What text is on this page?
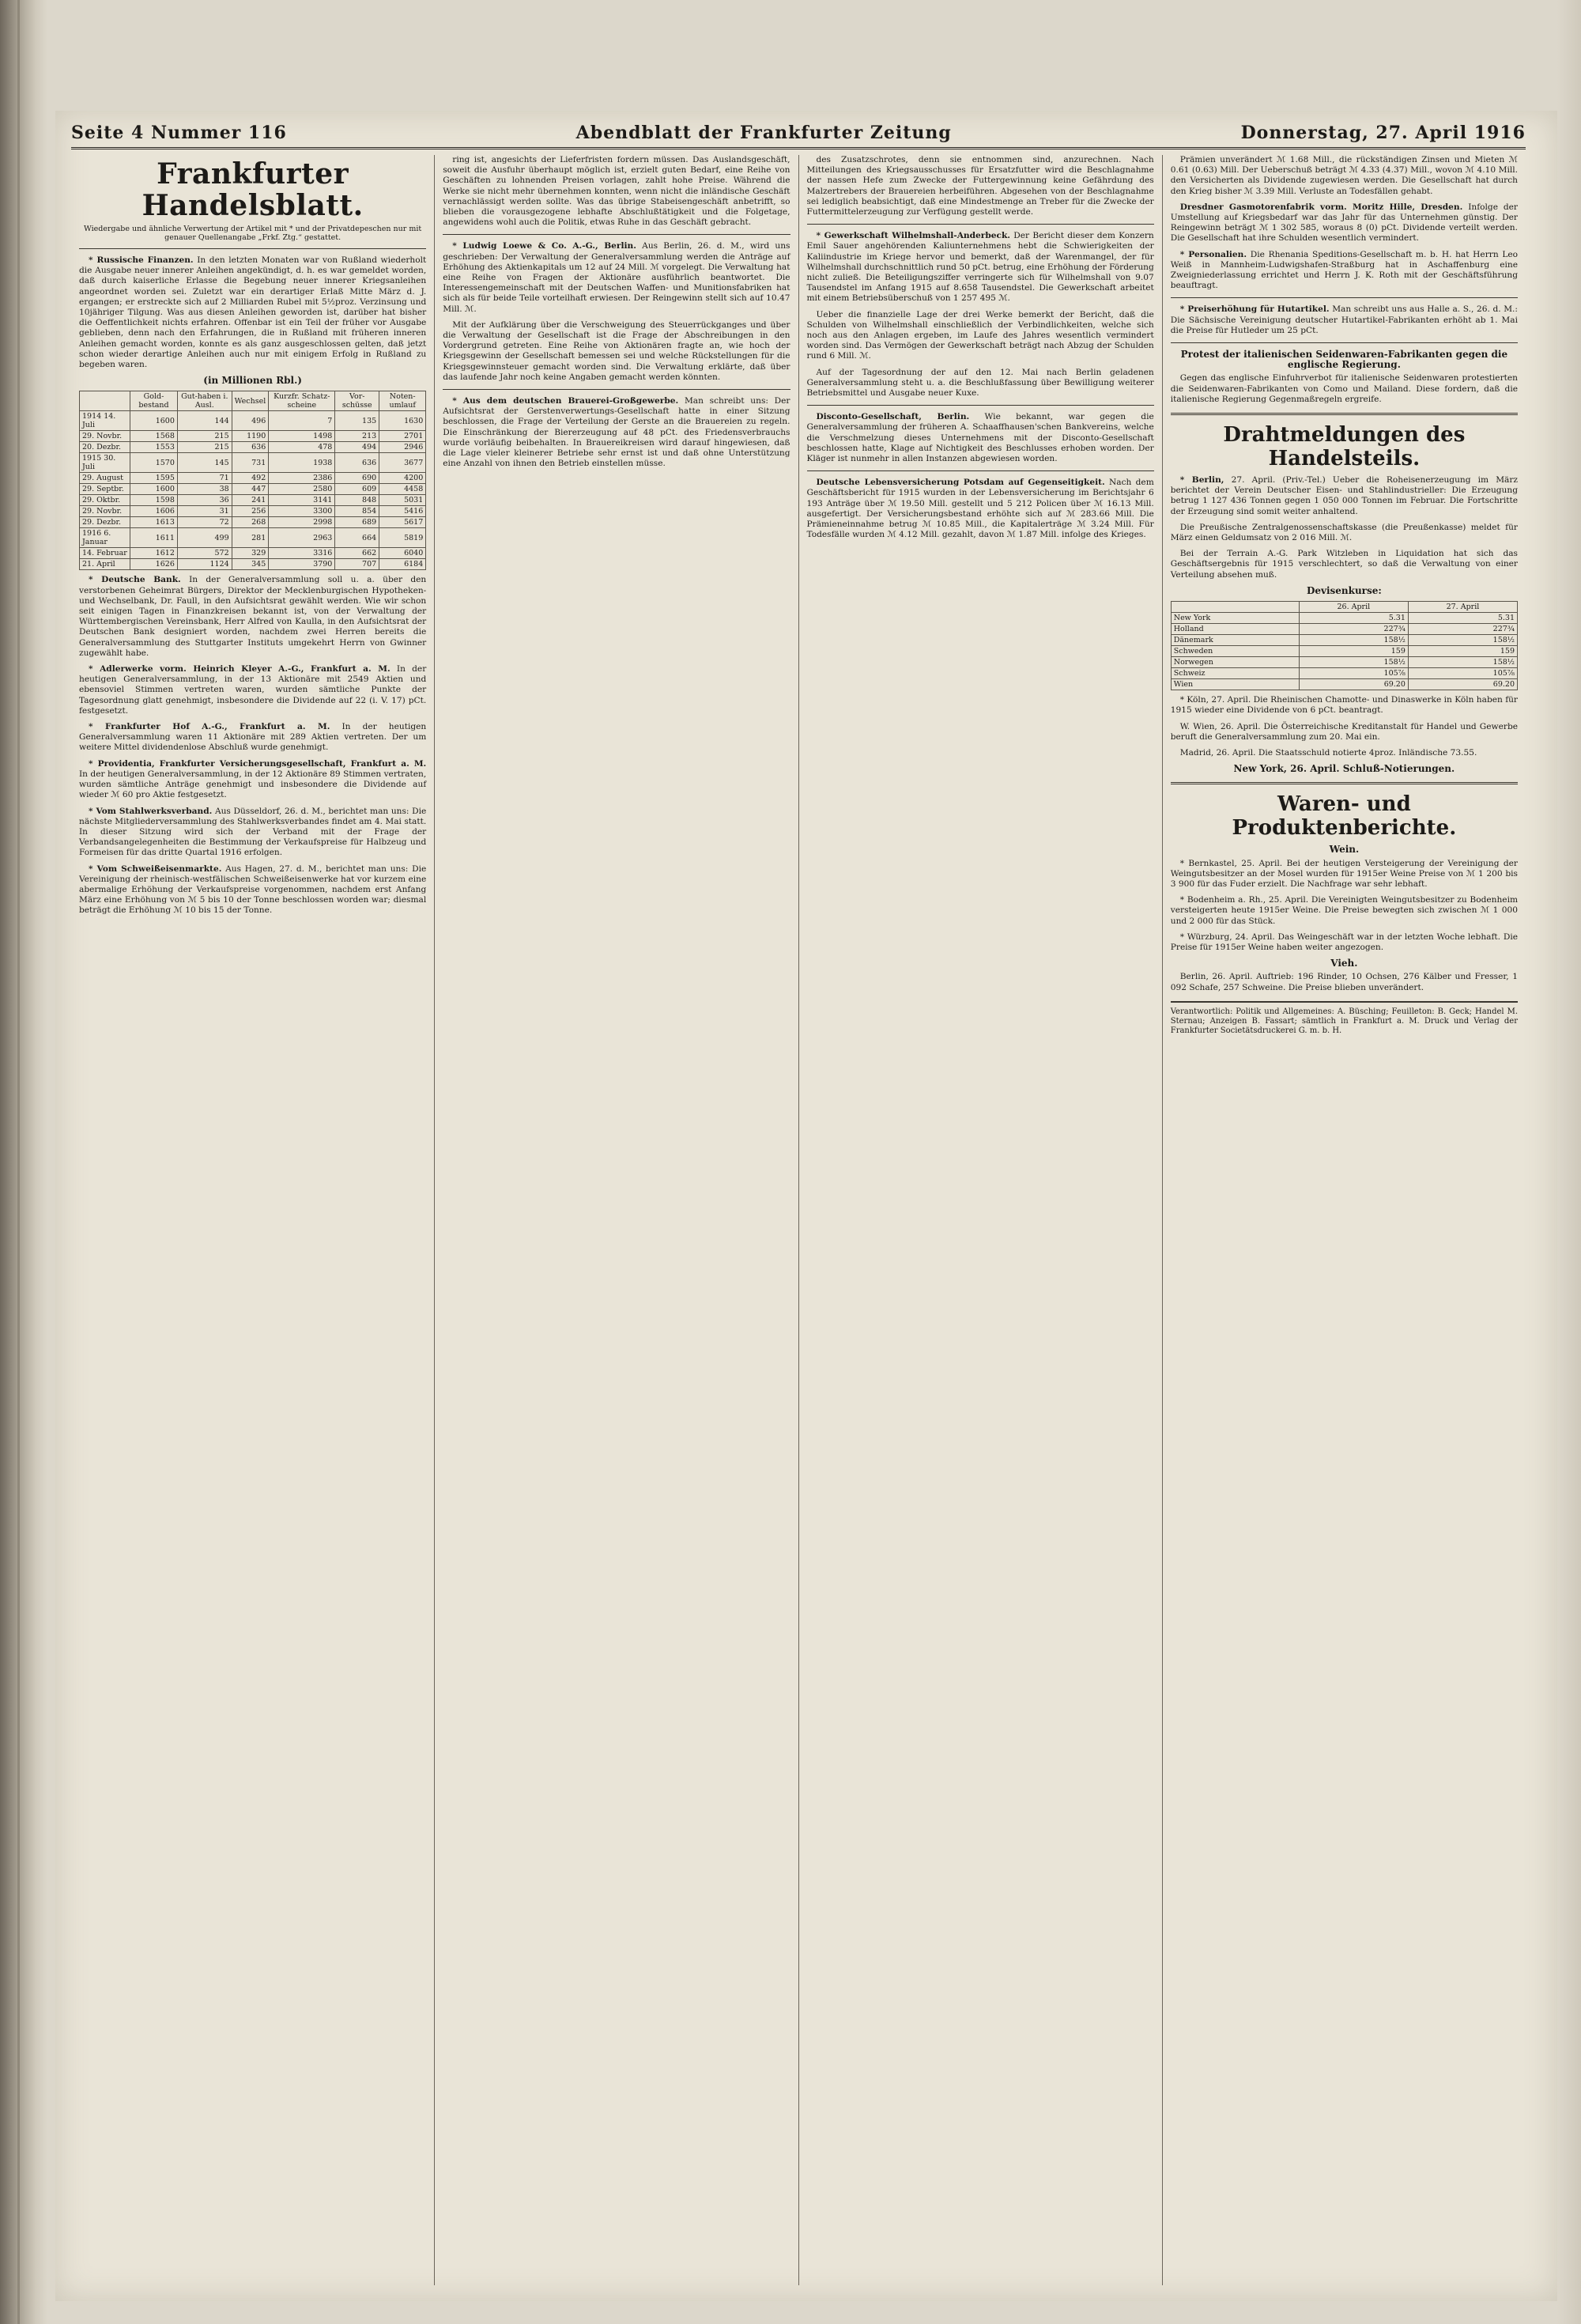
Seite 4 Nummer 116	Abendblatt der Frankfurter Zeitung	Donnerstag, 27. April 1916
Frankfurter Handelsblatt.
Wiedergabe und ähnliche Verwertung der Artikel mit * und der Privatdepeschen nur mit genauer Quellenangabe „Frkf. Ztg.“ gestattet.

* Russische Finanzen. In den letzten Monaten war von Rußland wiederholt die Ausgabe neuer innerer Anleihen angekündigt, d. h. es war gemeldet worden, daß durch kaiserliche Erlasse die Begebung neuer innerer Kriegsanleihen angeordnet worden sei. Zuletzt war ein derartiger Erlaß Mitte März d. J. ergangen; er erstreckte sich auf 2 Milliarden Rubel mit 5½proz. Verzinsung und 10jähriger Tilgung. Was aus diesen Anleihen geworden ist, darüber hat bisher die Oeffentlichkeit nichts erfahren. Offenbar ist ein Teil der früher vor Ausgabe geblieben, denn nach den Erfahrungen, die in Rußland mit früheren inneren Anleihen gemacht worden, konnte es als ganz ausgeschlossen gelten, daß jetzt schon wieder derartige Anleihen auch nur mit einigem Erfolg in Rußland zu begeben waren.

(in Millionen Rbl.)
	Gold-bestand	Gut-haben i. Ausl.	Wechsel	Kurzfr. Schatz-scheine	Vor-schüsse	Noten-umlauf
1914 14. Juli	1600	144	496	7	135	1630
29. Novbr.	1568	215	1190	1498	213	2701
20. Dezbr.	1553	215	636	478	494	2946
1915 30. Juli	1570	145	731	1938	636	3677
29. August	1595	71	492	2386	690	4200
29. Septbr.	1600	38	447	2580	609	4458
29. Oktbr.	1598	36	241	3141	848	5031
29. Novbr.	1606	31	256	3300	854	5416
29. Dezbr.	1613	72	268	2998	689	5617
1916 6. Januar	1611	499	281	2963	664	5819
14. Februar	1612	572	329	3316	662	6040
21. April	1626	1124	345	3790	707	6184

* Deutsche Bank. In der Generalversammlung soll u. a. über den verstorbenen Geheimrat Bürgers, Direktor der Mecklenburgischen Hypotheken- und Wechselbank, Dr. Faull, in den Aufsichtsrat gewählt werden. Wie wir schon seit einigen Tagen in Finanzkreisen bekannt ist, von der Verwaltung der Württembergischen Vereinsbank, Herr Alfred von Kaulla, in den Aufsichtsrat der Deutschen Bank designiert worden, nachdem zwei Herren bereits die Generalversammlung des Stuttgarter Instituts umgekehrt Herrn von Gwinner zugewählt habe.

* Adlerwerke vorm. Heinrich Kleyer A.-G., Frankfurt a. M. In der heutigen Generalversammlung, in der 13 Aktionäre mit 2549 Aktien und ebensoviel Stimmen vertreten waren, wurden sämtliche Punkte der Tagesordnung glatt genehmigt, insbesondere die Dividende auf 22 (i. V. 17) pCt. festgesetzt.

* Frankfurter Hof A.-G., Frankfurt a. M. In der heutigen Generalversammlung waren 11 Aktionäre mit 289 Aktien vertreten. Der um weitere Mittel dividendenlose Abschluß wurde genehmigt.

* Providentia, Frankfurter Versicherungsgesellschaft, Frankfurt a. M. In der heutigen Generalversammlung, in der 12 Aktionäre 89 Stimmen vertraten, wurden sämtliche Anträge genehmigt und insbesondere die Dividende auf wieder ℳ 60 pro Aktie festgesetzt.

* Vom Stahlwerksverband. Aus Düsseldorf, 26. d. M., berichtet man uns: Die nächste Mitgliederversammlung des Stahlwerksverbandes findet am 4. Mai statt. In dieser Sitzung wird sich der Verband mit der Frage der Verbandsangelegenheiten die Bestimmung der Verkaufspreise für Halbzeug und Formeisen für das dritte Quartal 1916 erfolgen.

* Vom Schweißeisenmarkte. Aus Hagen, 27. d. M., berichtet man uns: Die Vereinigung der rheinisch-westfälischen Schweißeisenwerke hat vor kurzem eine abermalige Erhöhung der Verkaufspreise vorgenommen, nachdem erst Anfang März eine Erhöhung von ℳ 5 bis 10 der Tonne beschlossen worden war; diesmal beträgt die Erhöhung ℳ 10 bis 15 der Tonne.

ring ist, angesichts der Lieferfristen fordern müssen. Das Auslandsgeschäft, soweit die Ausfuhr überhaupt möglich ist, erzielt guten Bedarf, eine Reihe von Geschäften zu lohnenden Preisen vorlagen, zahlt hohe Preise. Während die Werke sie nicht mehr übernehmen konnten, wenn nicht die inländische Geschäft vernachlässigt werden sollte. Was das übrige Stabeisengeschäft anbetrifft, so blieben die vorausgezogene lebhafte Abschlußtätigkeit und die Folgetage, angewidens wohl auch die Politik, etwas Ruhe in das Geschäft gebracht.

* Ludwig Loewe & Co. A.-G., Berlin. Aus Berlin, 26. d. M., wird uns geschrieben: Der Verwaltung der Generalversammlung werden die Anträge auf Erhöhung des Aktienkapitals um 12 auf 24 Mill. ℳ vorgelegt. Die Verwaltung hat eine Reihe von Fragen der Aktionäre ausführlich beantwortet. Die Interessengemeinschaft mit der Deutschen Waffen- und Munitionsfabriken hat sich als für beide Teile vorteilhaft erwiesen. Der Reingewinn stellt sich auf 10.47 Mill. ℳ.

Mit der Aufklärung über die Verschweigung des Steuerrückganges und über die Verwaltung der Gesellschaft ist die Frage der Abschreibungen in den Vordergrund getreten. Eine Reihe von Aktionären fragte an, wie hoch der Kriegsgewinn der Gesellschaft bemessen sei und welche Rückstellungen für die Kriegsgewinnsteuer gemacht worden sind. Die Verwaltung erklärte, daß über das laufende Jahr noch keine Angaben gemacht werden könnten.

* Aus dem deutschen Brauerei-Großgewerbe. Man schreibt uns: Der Aufsichtsrat der Gerstenverwertungs-Gesellschaft hatte in einer Sitzung beschlossen, die Frage der Verteilung der Gerste an die Brauereien zu regeln. Die Einschränkung der Biererzeugung auf 48 pCt. des Friedensverbrauchs wurde vorläufig beibehalten. In Brauereikreisen wird darauf hingewiesen, daß die Lage vieler kleinerer Betriebe sehr ernst ist und daß ohne Unterstützung eine Anzahl von ihnen den Betrieb einstellen müsse.

des Zusatzschrotes, denn sie entnommen sind, anzurechnen. Nach Mitteilungen des Kriegsausschusses für Ersatzfutter wird die Beschlagnahme der nassen Hefe zum Zwecke der Futtergewinnung keine Gefährdung des Malzertrebers der Brauereien herbeiführen. Abgesehen von der Beschlagnahme sei lediglich beabsichtigt, daß eine Mindestmenge an Treber für die Zwecke der Futtermittelerzeugung zur Verfügung gestellt werde.

* Gewerkschaft Wilhelmshall-Anderbeck. Der Bericht dieser dem Konzern Emil Sauer angehörenden Kaliunternehmens hebt die Schwierigkeiten der Kaliindustrie im Kriege hervor und bemerkt, daß der Warenmangel, der für Wilhelmshall durchschnittlich rund 50 pCt. betrug, eine Erhöhung der Förderung nicht zuließ. Die Beteiligungsziffer verringerte sich für Wilhelmshall von 9.07 Tausendstel im Anfang 1915 auf 8.658 Tausendstel. Die Gewerkschaft arbeitet mit einem Betriebsüberschuß von 1 257 495 ℳ.

Ueber die finanzielle Lage der drei Werke bemerkt der Bericht, daß die Schulden von Wilhelmshall einschließlich der Verbindlichkeiten, welche sich noch aus den Anlagen ergeben, im Laufe des Jahres wesentlich vermindert worden sind. Das Vermögen der Gewerkschaft beträgt nach Abzug der Schulden rund 6 Mill. ℳ.

Auf der Tagesordnung der auf den 12. Mai nach Berlin geladenen Generalversammlung steht u. a. die Beschlußfassung über Bewilligung weiterer Betriebsmittel und Ausgabe neuer Kuxe.

Disconto-Gesellschaft, Berlin. Wie bekannt, war gegen die Generalversammlung der früheren A. Schaaffhausen'schen Bankvereins, welche die Verschmelzung dieses Unternehmens mit der Disconto-Gesellschaft beschlossen hatte, Klage auf Nichtigkeit des Beschlusses erhoben worden. Der Kläger ist nunmehr in allen Instanzen abgewiesen worden.

Deutsche Lebensversicherung Potsdam auf Gegenseitigkeit. Nach dem Geschäftsbericht für 1915 wurden in der Lebensversicherung im Berichtsjahr 6 193 Anträge über ℳ 19.50 Mill. gestellt und 5 212 Policen über ℳ 16.13 Mill. ausgefertigt. Der Versicherungsbestand erhöhte sich auf ℳ 283.66 Mill. Die Prämieneinnahme betrug ℳ 10.85 Mill., die Kapitalerträge ℳ 3.24 Mill. Für Todesfälle wurden ℳ 4.12 Mill. gezahlt, davon ℳ 1.87 Mill. infolge des Krieges.

Prämien unverändert ℳ 1.68 Mill., die rückständigen Zinsen und Mieten ℳ 0.61 (0.63) Mill. Der Ueberschuß beträgt ℳ 4.33 (4.37) Mill., wovon ℳ 4.10 Mill. den Versicherten als Dividende zugewiesen werden. Die Gesellschaft hat durch den Krieg bisher ℳ 3.39 Mill. Verluste an Todesfällen gehabt.

Dresdner Gasmotorenfabrik vorm. Moritz Hille, Dresden. Infolge der Umstellung auf Kriegsbedarf war das Jahr für das Unternehmen günstig. Der Reingewinn beträgt ℳ 1 302 585, woraus 8 (0) pCt. Dividende verteilt werden. Die Gesellschaft hat ihre Schulden wesentlich vermindert.

* Personalien. Die Rhenania Speditions-Gesellschaft m. b. H. hat Herrn Leo Weiß in Mannheim-Ludwigshafen-Straßburg hat in Aschaffenburg eine Zweigniederlassung errichtet und Herrn J. K. Roth mit der Geschäftsführung beauftragt.

* Preiserhöhung für Hutartikel. Man schreibt uns aus Halle a. S., 26. d. M.: Die Sächsische Vereinigung deutscher Hutartikel-Fabrikanten erhöht ab 1. Mai die Preise für Hutleder um 25 pCt.

Protest der italienischen Seidenwaren-Fabrikanten gegen die englische Regierung.

Gegen das englische Einfuhrverbot für italienische Seidenwaren protestierten die Seidenwaren-Fabrikanten von Como und Mailand. Diese fordern, daß die italienische Regierung Gegenmaßregeln ergreife.

Drahtmeldungen des Handelsteils.

* Berlin, 27. April. (Priv.-Tel.) Ueber die Roheisenerzeugung im März berichtet der Verein Deutscher Eisen- und Stahlindustrieller: Die Erzeugung betrug 1 127 436 Tonnen gegen 1 050 000 Tonnen im Februar. Die Fortschritte der Erzeugung sind somit weiter anhaltend.

Die Preußische Zentralgenossenschaftskasse (die Preußenkasse) meldet für März einen Geldumsatz von 2 016 Mill. ℳ.

Bei der Terrain A.-G. Park Witzleben in Liquidation hat sich das Geschäftsergebnis für 1915 verschlechtert, so daß die Verwaltung von einer Verteilung absehen muß.

Devisenkurse:
	26. April	27. April
New York	5.31	5.31
Holland	227¾	227¾
Dänemark	158½	158½
Schweden	159	159
Norwegen	158½	158½
Schweiz	105⅞	105⅞
Wien	69.20	69.20

* Köln, 27. April. Die Rheinischen Chamotte- und Dinaswerke in Köln haben für 1915 wieder eine Dividende von 6 pCt. beantragt.

W. Wien, 26. April. Die Österreichische Kreditanstalt für Handel und Gewerbe beruft die Generalversammlung zum 20. Mai ein.

Madrid, 26. April. Die Staatsschuld notierte 4proz. Inländische 73.55.

New York, 26. April. Schluß-Notierungen.
Waren- und Produktenberichte.
Wein.

* Bernkastel, 25. April. Bei der heutigen Versteigerung der Vereinigung der Weingutsbesitzer an der Mosel wurden für 1915er Weine Preise von ℳ 1 200 bis 3 900 für das Fuder erzielt. Die Nachfrage war sehr lebhaft.

* Bodenheim a. Rh., 25. April. Die Vereinigten Weingutsbesitzer zu Bodenheim versteigerten heute 1915er Weine. Die Preise bewegten sich zwischen ℳ 1 000 und 2 000 für das Stück.

* Würzburg, 24. April. Das Weingeschäft war in der letzten Woche lebhaft. Die Preise für 1915er Weine haben weiter angezogen.

Vieh.

Berlin, 26. April. Auftrieb: 196 Rinder, 10 Ochsen, 276 Kälber und Fresser, 1 092 Schafe, 257 Schweine. Die Preise blieben unverändert.

Verantwortlich: Politik und Allgemeines: A. Büsching; Feuilleton: B. Geck; Handel M. Sternau; Anzeigen B. Fassart; sämtlich in Frankfurt a. M. Druck und Verlag der Frankfurter Societätsdruckerei G. m. b. H.
